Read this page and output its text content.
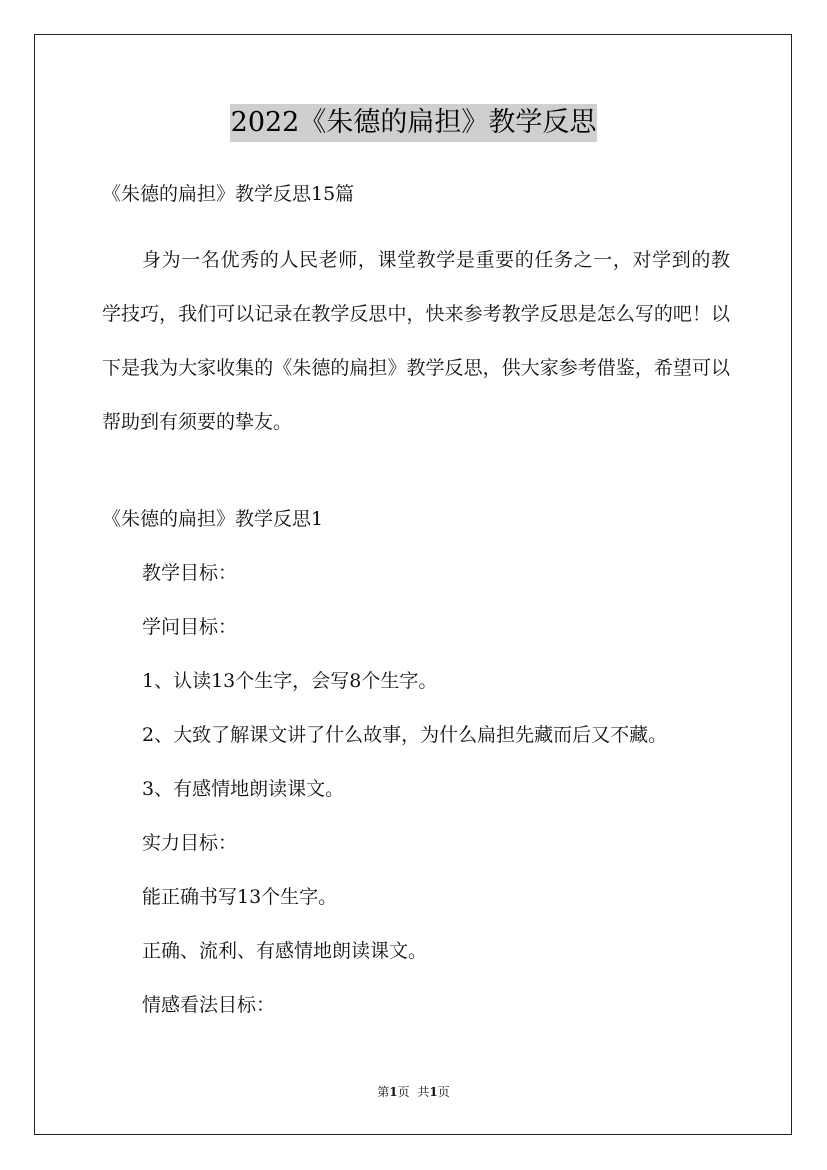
2022《朱德的扁担》教学反思
《朱德的扁担》教学反思15篇

身为一名优秀的人民老师，课堂教学是重要的任务之一，对学到的教学技巧，我们可以记录在教学反思中，快来参考教学反思是怎么写的吧！以下是我为大家收集的《朱德的扁担》教学反思，供大家参考借鉴，希望可以帮助到有须要的挚友。

《朱德的扁担》教学反思1
教学目标：
学问目标：
1、认读13个生字，会写8个生字。
2、大致了解课文讲了什么故事，为什么扁担先藏而后又不藏。
3、有感情地朗读课文。
实力目标：
能正确书写13个生字。
正确、流利、有感情地朗读课文。
情感看法目标：
第1页 共1页
